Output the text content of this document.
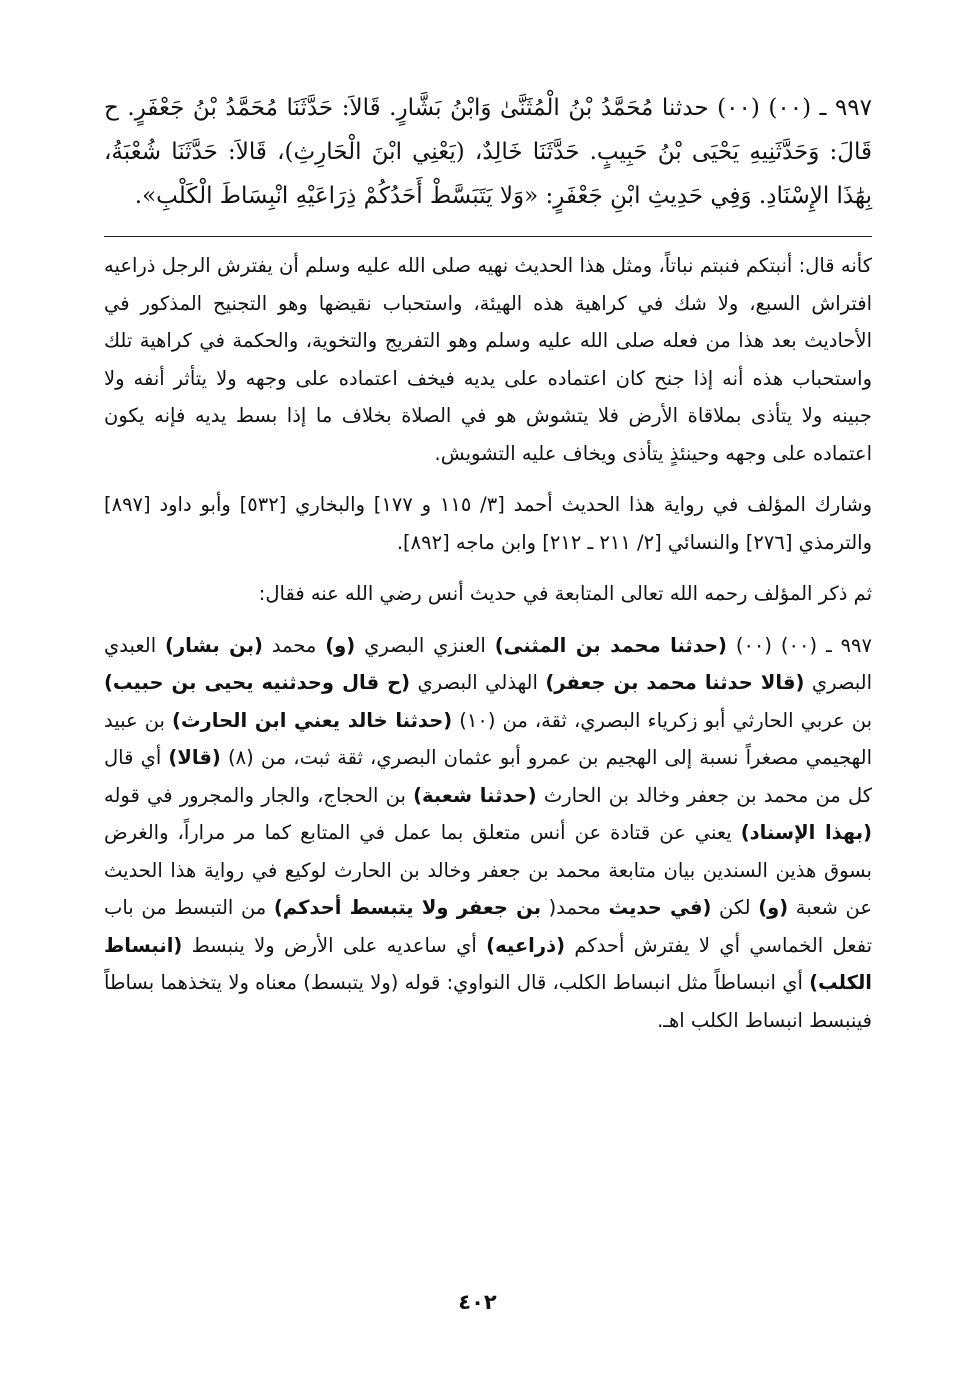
٩٩٧ ـ (٠٠) (٠٠) حدثنا مُحَمَّدُ بْنُ الْمُثَنَّىٰ وَابْنُ بَشَّارٍ. قَالاَ: حَدَّثَنَا مُحَمَّدُ بْنُ جَعْفَرٍ. ح قَالَ: وَحَدَّثَنِيهِ يَحْيَى بْنُ حَبِيبٍ. حَدَّثَنَا خَالِدٌ، (يَعْنِي ابْنَ الْحَارِثِ)، قَالاَ: حَدَّثَنَا شُعْبَةُ، بِهَٰذَا الإِسْنَادِ. وَفِي حَدِيثِ ابْنِ جَعْفَرٍ: «وَلا يَتَبَسَّطْ أَحَدُكُمْ ذِرَاعَيْهِ انْبِسَاطَ الْكَلْبِ».

كأنه قال: أنبتكم فنبتم نباتاً، ومثل هذا الحديث نهيه صلى الله عليه وسلم أن يفترش الرجل ذراعيه افتراش السبع، ولا شك في كراهية هذه الهيئة، واستحباب نقيضها وهو التجنيح المذكور في الأحاديث بعد هذا من فعله صلى الله عليه وسلم وهو التفريج والتخوية، والحكمة في كراهية تلك واستحباب هذه أنه إذا جنح كان اعتماده على يديه فيخف اعتماده على وجهه ولا يتأثر أنفه ولا جبينه ولا يتأذى بملاقاة الأرض فلا يتشوش هو في الصلاة بخلاف ما إذا بسط يديه فإنه يكون اعتماده على وجهه وحينئذٍ يتأذى ويخاف عليه التشويش.

وشارك المؤلف في رواية هذا الحديث أحمد [٣/ ١١٥ و ١٧٧] والبخاري [٥٣٢] وأبو داود [٨٩٧] والترمذي [٢٧٦] والنسائي [٢/ ٢١١ ـ ٢١٢] وابن ماجه [٨٩٢].

ثم ذكر المؤلف رحمه الله تعالى المتابعة في حديث أنس رضي الله عنه فقال:

٩٩٧ ـ (٠٠) (٠٠) (حدثنا محمد بن المثنى) العنزي البصري (و) محمد (بن بشار) العبدي البصري (قالا حدثنا محمد بن جعفر) الهذلي البصري (ح قال وحدثنيه يحيى بن حبيب) بن عربي الحارثي أبو زكرياء البصري، ثقة، من (١٠) (حدثنا خالد يعني ابن الحارث) بن عبيد الهجيمي مصغراً نسبة إلى الهجيم بن عمرو أبو عثمان البصري، ثقة ثبت، من (٨) (قالا) أي قال كل من محمد بن جعفر وخالد بن الحارث (حدثنا شعبة) بن الحجاج، والجار والمجرور في قوله (بهذا الإسناد) يعني عن قتادة عن أنس متعلق بما عمل في المتابع كما مر مراراً، والغرض بسوق هذين السندين بيان متابعة محمد بن جعفر وخالد بن الحارث لوكيع في رواية هذا الحديث عن شعبة (و) لكن (في حديث محمد( بن جعفر ولا يتبسط أحدكم) من التبسط من باب تفعل الخماسي أي لا يفترش أحدكم (ذراعيه) أي ساعديه على الأرض ولا ينبسط (انبساط الكلب) أي انبساطاً مثل انبساط الكلب، قال النواوي: قوله (ولا يتبسط) معناه ولا يتخذهما بساطاً فينبسط انبساط الكلب اهـ.

٤٠٢
